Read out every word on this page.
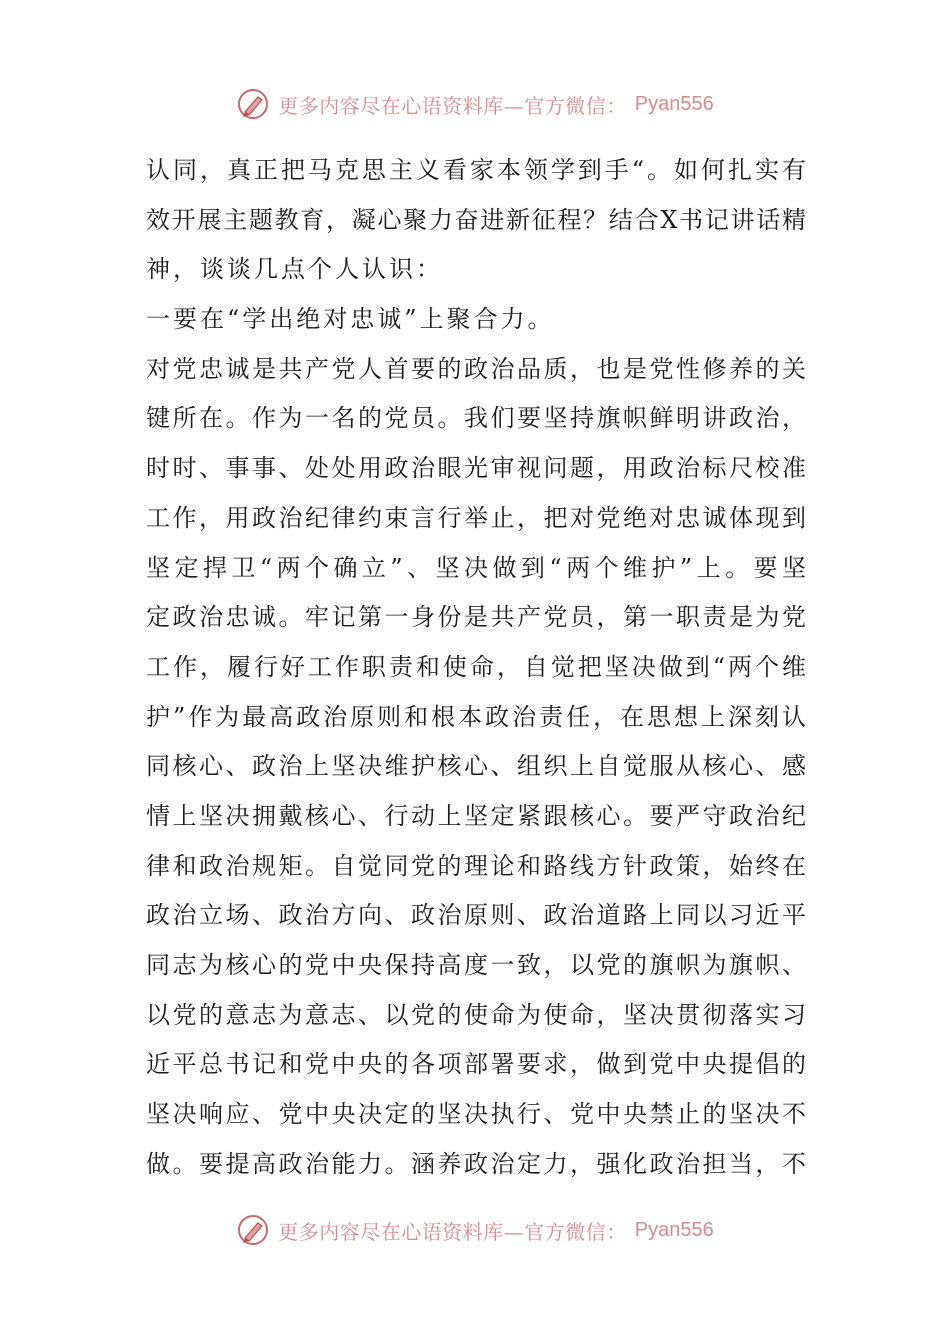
更多内容尽在心语资料库—官方微信： Pyan556
认同，真正把马克思主义看家本领学到手“。如何扎实有
效开展主题教育，凝心聚力奋进新征程？结合X书记讲话精
神，谈谈几点个人认识：
一要在“学出绝对忠诚”上聚合力。
对党忠诚是共产党人首要的政治品质，也是党性修养的关
键所在。作为一名的党员。我们要坚持旗帜鲜明讲政治，
时时、事事、处处用政治眼光审视问题，用政治标尺校准
工作，用政治纪律约束言行举止，把对党绝对忠诚体现到
坚定捍卫“两个确立”、坚决做到“两个维护”上。要坚
定政治忠诚。牢记第一身份是共产党员，第一职责是为党
工作，履行好工作职责和使命，自觉把坚决做到“两个维
护”作为最高政治原则和根本政治责任，在思想上深刻认
同核心、政治上坚决维护核心、组织上自觉服从核心、感
情上坚决拥戴核心、行动上坚定紧跟核心。要严守政治纪
律和政治规矩。自觉同党的理论和路线方针政策，始终在
政治立场、政治方向、政治原则、政治道路上同以习近平
同志为核心的党中央保持高度一致，以党的旗帜为旗帜、
以党的意志为意志、以党的使命为使命，坚决贯彻落实习
近平总书记和党中央的各项部署要求，做到党中央提倡的
坚决响应、党中央决定的坚决执行、党中央禁止的坚决不
做。要提高政治能力。涵养政治定力，强化政治担当，不
更多内容尽在心语资料库—官方微信： Pyan556
